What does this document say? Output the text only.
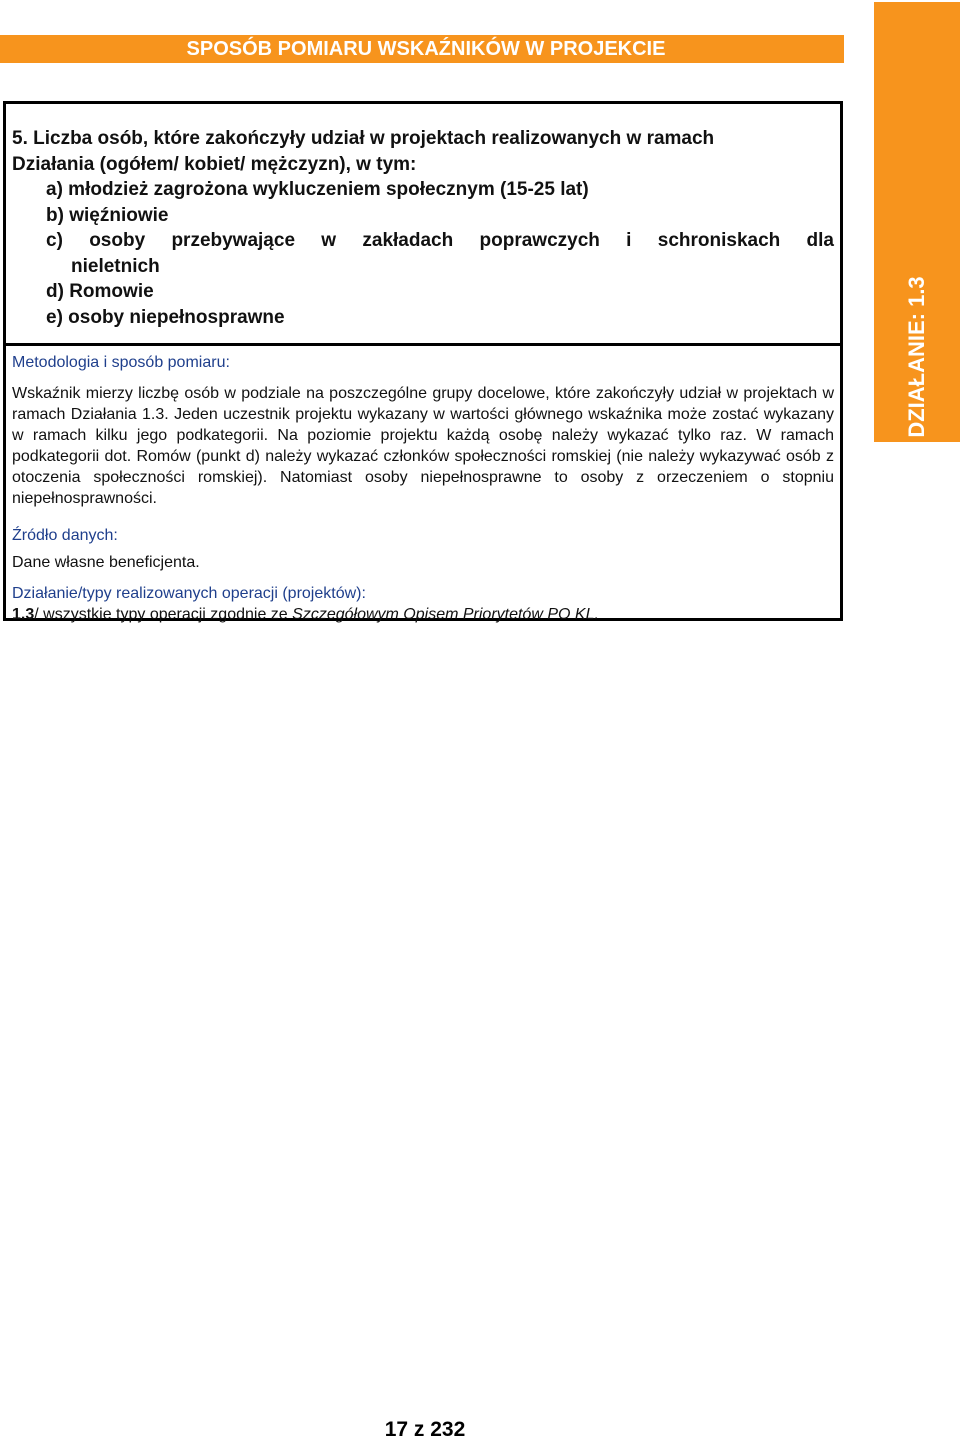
SPOSÓB POMIARU WSKAŹNIKÓW W PROJEKCIE
DZIAŁANIE: 1.3

5. Liczba osób, które zakończyły udział w projektach realizowanych w ramach

Działania (ogółem/ kobiet/ mężczyzn), w tym:

a) młodzież zagrożona wykluczeniem społecznym (15-25 lat)
b) więźniowie
c) osoby przebywające w zakładach poprawczych i schroniskach dla
nieletnich
d) Romowie
e) osoby niepełnosprawne

Metodologia i sposób pomiaru:

Wskaźnik mierzy liczbę osób w podziale na poszczególne grupy docelowe, które zakończyły udział w projektach w ramach Działania 1.3. Jeden uczestnik projektu wykazany w wartości głównego wskaźnika może zostać wykazany w ramach kilku jego podkategorii. Na poziomie projektu każdą osobę należy wykazać tylko raz. W ramach podkategorii dot. Romów (punkt d) należy wykazać członków społeczności romskiej (nie należy wykazywać osób z otoczenia społeczności romskiej). Natomiast osoby niepełnosprawne to osoby z orzeczeniem o stopniu niepełnosprawności.

Źródło danych:

Dane własne beneficjenta.

Działanie/typy realizowanych operacji (projektów):

1.3/ wszystkie typy operacji zgodnie ze Szczegółowym Opisem Priorytetów PO KL.

17 z 232
